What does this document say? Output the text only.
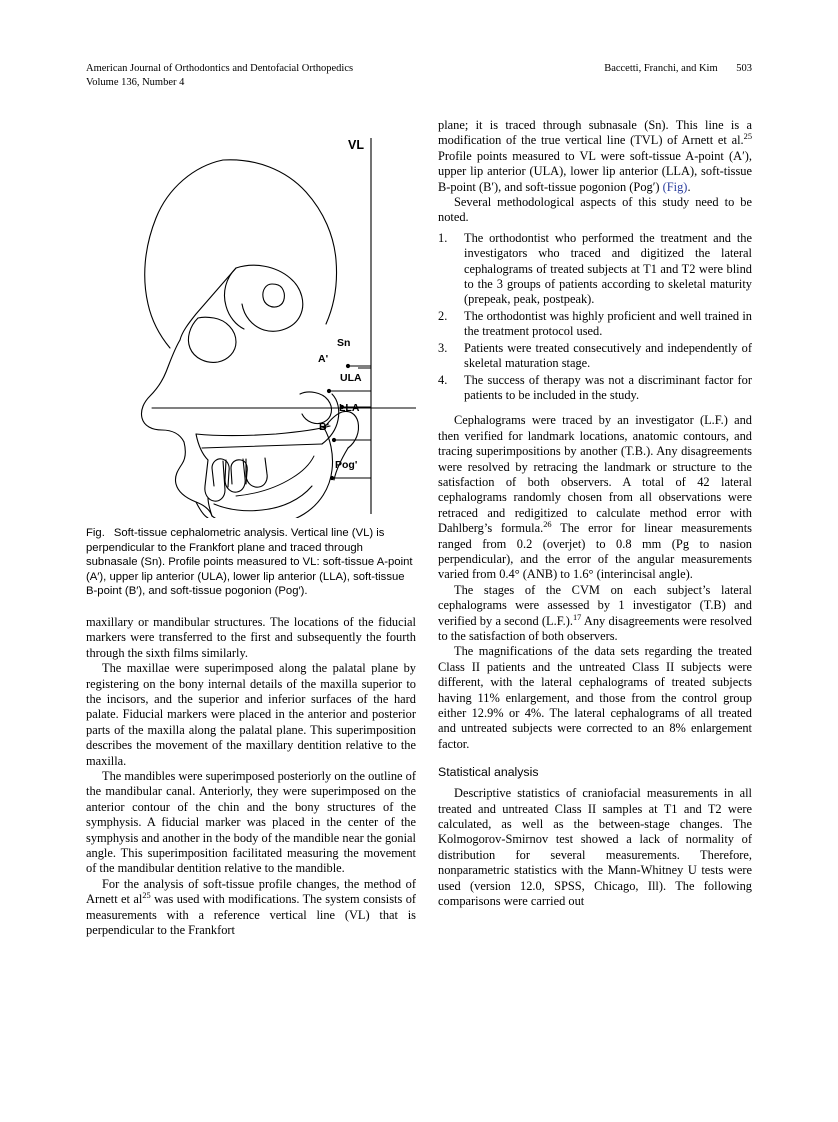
American Journal of Orthodontics and Dentofacial Orthopedics
Volume 136, Number 4
Baccetti, Franchi, and Kim 503
VL
Sn
A'
ULA
LLA
B'
Pog'
Fig. Soft-tissue cephalometric analysis. Vertical line (VL) is perpendicular to the Frankfort plane and traced through subnasale (Sn). Profile points measured to VL: soft-tissue A-point (A′), upper lip anterior (ULA), lower lip anterior (LLA), soft-tissue B-point (B′), and soft-tissue pogonion (Pog′).

maxillary or mandibular structures. The locations of the fiducial markers were transferred to the first and subsequently the fourth through the sixth films similarly.

The maxillae were superimposed along the palatal plane by registering on the bony internal details of the maxilla superior to the incisors, and the superior and inferior surfaces of the hard palate. Fiducial markers were placed in the anterior and posterior parts of the maxilla along the palatal plane. This superimposition describes the movement of the maxillary dentition relative to the maxilla.

The mandibles were superimposed posteriorly on the outline of the mandibular canal. Anteriorly, they were superimposed on the anterior contour of the chin and the bony structures of the symphysis. A fiducial marker was placed in the center of the symphysis and another in the body of the mandible near the gonial angle. This superimposition facilitated measuring the movement of the mandibular dentition relative to the mandible.

For the analysis of soft-tissue profile changes, the method of Arnett et $al^{25}$ was used with modifications. The system consists of measurements with a reference vertical line (VL) that is perpendicular to the Frankfort

plane; it is traced through subnasale (Sn). This line is a modification of the true vertical line (TVL) of Arnett et al.$^{25}$ Profile points measured to VL were soft-tissue A-point (A′), upper lip anterior (ULA), lower lip anterior (LLA), soft-tissue B-point (B′), and soft-tissue pogonion (Pog′) (Fig).

Several methodological aspects of this study need to be noted.

1.	The orthodontist who performed the treatment and the investigators who traced and digitized the lateral cephalograms of treated subjects at T1 and T2 were blind to the 3 groups of patients according to skeletal maturity (prepeak, peak, postpeak).
2.	The orthodontist was highly proficient and well trained in the treatment protocol used.
3.	Patients were treated consecutively and independently of skeletal maturation stage.
4.	The success of therapy was not a discriminant factor for patients to be included in the study.

Cephalograms were traced by an investigator (L.F.) and then verified for landmark locations, anatomic contours, and tracing superimpositions by another (T.B.). Any disagreements were resolved by retracing the landmark or structure to the satisfaction of both observers. A total of 42 lateral cephalograms randomly chosen from all observations were retraced and redigitized to calculate method error with Dahlberg’s formula.$^{26}$ The error for linear measurements ranged from 0.2 (overjet) to 0.8 mm (Pg to nasion perpendicular), and the error of the angular measurements varied from 0.4° (ANB) to 1.6° (interincisal angle).

The stages of the CVM on each subject’s lateral cephalograms were assessed by 1 investigator (T.B) and verified by a second (L.F.).$^{17}$ Any disagreements were resolved to the satisfaction of both observers.

The magnifications of the data sets regarding the treated Class II patients and the untreated Class II subjects were different, with the lateral cephalograms of treated subjects having 11% enlargement, and those from the control group either 12.9% or 4%. The lateral cephalograms of all treated and untreated subjects were corrected to an 8% enlargement factor.

Statistical analysis

Descriptive statistics of craniofacial measurements in all treated and untreated Class II samples at T1 and T2 were calculated, as well as the between-stage changes. The Kolmogorov-Smirnov test showed a lack of normality of distribution for several measurements. Therefore, nonparametric statistics with the Mann-Whitney U tests were used (version 12.0, SPSS, Chicago, Ill). The following comparisons were carried out
